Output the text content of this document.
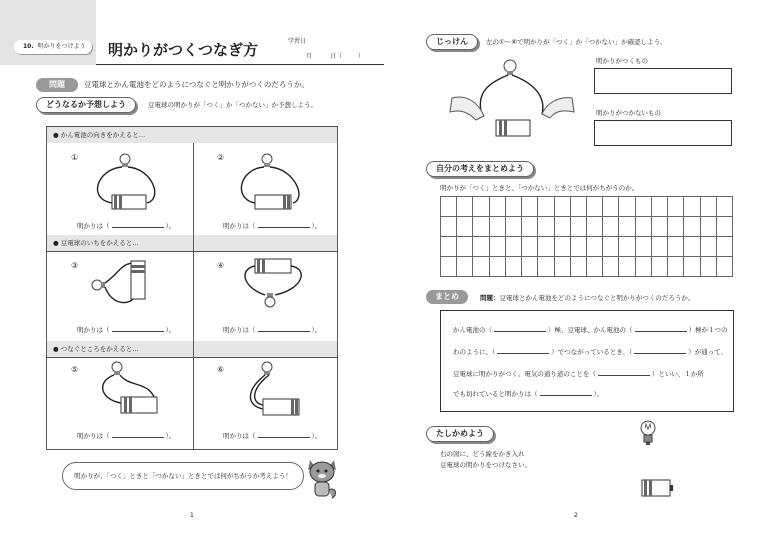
10. 明かりをつけよう	明かりがつくつなぎ方	学習日
月	日（	）
問題	豆電球とかん電池をどのようにつなぐと明かりがつくのだろうか。
どうなるか予想しよう	豆電球の明かりが「つく」か「つかない」か予想しよう。
● かん電池の向きをかえると…
● 豆電球のいちをかえると…
● つなぐところをかえると…
①
明かりは（	）。
②
明かりは（	）。
③
明かりは（	）。
④
明かりは（	）。
⑤
明かりは（	）。
⑥
明かりは（	）。
明かりが、「つく」ときと「つかない」ときとでは何がちがうか考えよう！
1
じっけん	左の①～⑥で明かりが「つく」か「つかない」か確認しよう。
明かりがつくもの
明かりがつかないもの
自分の考えをまとめよう
明かりが「つく」ときと、「つかない」ときとでは何がちがうのか。
まとめ	問題：豆電球とかん電池をどのようにつなぐと明かりがつくのだろうか。
かん電池の（	）極、豆電球、かん電池の（	）極が１つの
わのように、（	）でつながっているとき、（	）が通って、
豆電球に明かりがつく。電気の通り道のことを（	）といい、１か所
でも切れていると明かりは（	）。
たしかめよう
右の図に、どう線をかき入れ
豆電球の明かりをつけなさい。
2
